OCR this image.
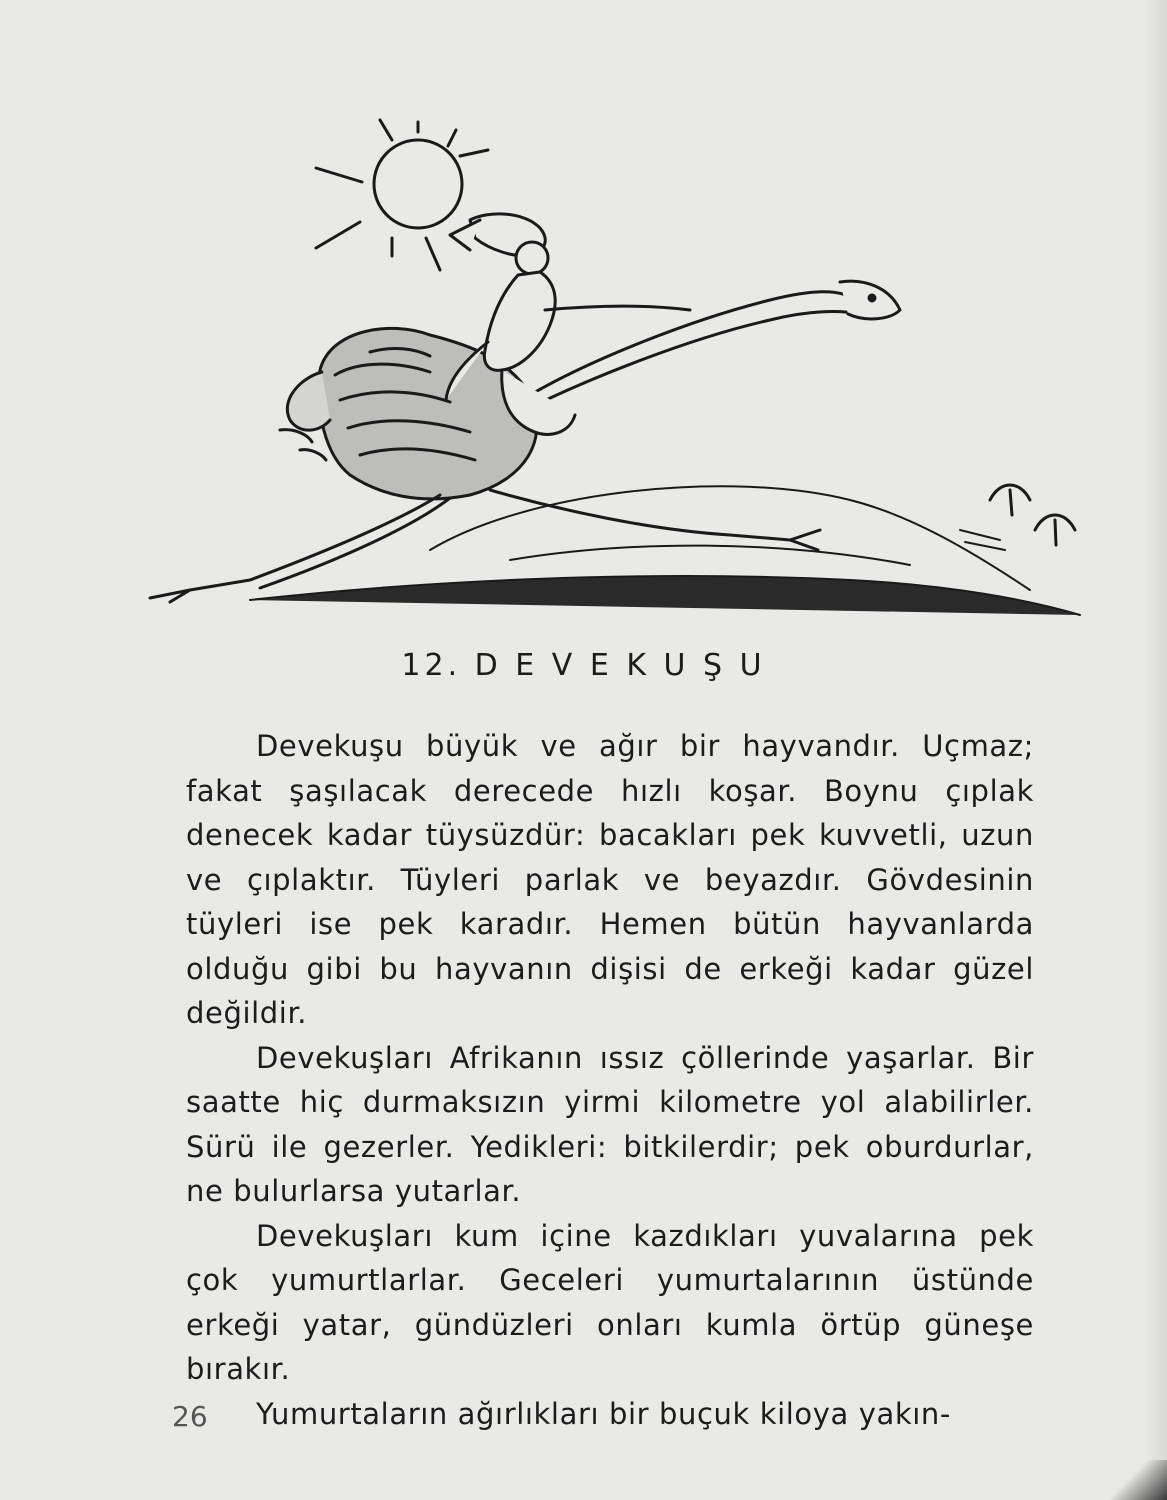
12. D E V E K U Ş U

Devekuşu büyük ve ağır bir hayvandır. Uçmaz; fakat şaşılacak derecede hızlı koşar. Boynu çıplak denecek kadar tüysüzdür: bacakları pek kuvvetli, uzun ve çıplaktır. Tüyleri parlak ve beyazdır. Gövdesinin tüyleri ise pek karadır. Hemen bütün hayvanlarda olduğu gibi bu hayvanın dişisi de erkeği kadar güzel değildir.

Devekuşları Afrikanın ıssız çöllerinde yaşarlar. Bir saatte hiç durmaksızın yirmi kilometre yol alabilirler. Sürü ile gezerler. Yedikleri: bitkilerdir; pek oburdurlar, ne bulurlarsa yutarlar.

Devekuşları kum içine kazdıkları yuvalarına pek çok yumurtlarlar. Geceleri yumurtalarının üstünde erkeği yatar, gündüzleri onları kumla örtüp güneşe bırakır.

Yumurtaların ağırlıkları bir buçuk kiloya yakın-

26
